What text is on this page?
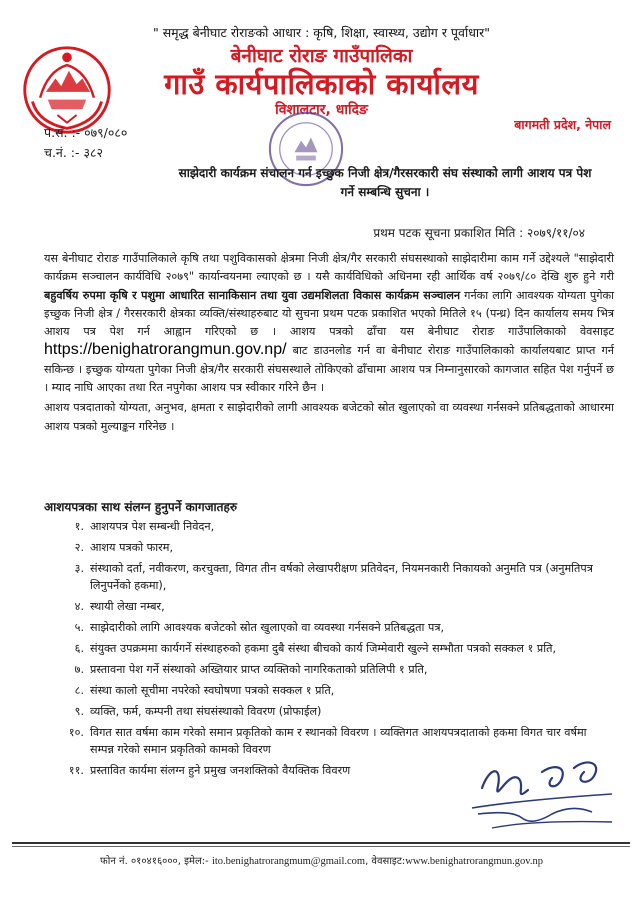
" समृद्ध बेनीघाट रोराङको आधार : कृषि, शिक्षा, स्वास्थ्य, उद्योग र पूर्वाधार"
बेनीघाट रोराङ गाउँपालिका
गाउँ कार्यपालिकाको कार्यालय
विशालटार, धादिङ
बागमती प्रदेश, नेपाल
प.सं. :- ०७९/०८०
च.नं. :- ३८२
साझेदारी कार्यक्रम संचालन गर्न इच्छुक निजी क्षेत्र/गैरसरकारी संघ संस्थाको लागी आशय पत्र पेश
गर्ने सम्बन्धि सुचना ।
प्रथम पटक सूचना प्रकाशित मिति : २०७९/११/०४

यस बेनीघाट रोराङ गाउँपालिकाले कृषि तथा पशुविकासको क्षेत्रमा निजी क्षेत्र/गैर सरकारी संघसस्थाको साझेदारीमा काम गर्ने उद्देश्यले "साझेदारी कार्यक्रम सञ्चालन कार्यविधि २०७९" कार्यान्वयनमा ल्याएको छ । यसै कार्यविधिको अधिनमा रही आर्थिक वर्ष २०७९/८० देखि शुरु हुने गरी बहुवर्षिय रुपमा कृषि र पशुमा आधारित सानाकिसान तथा युवा उद्यमशिलता विकास कार्यक्रम सञ्चालन गर्नका लागि आवश्यक योग्यता पुगेका इच्छुक निजी क्षेत्र / गैरसरकारी क्षेत्रका व्यक्ति/संस्थाहरुबाट यो सुचना प्रथम पटक प्रकाशित भएको मितिले १५ (पन्ध्र) दिन कार्यालय समय भित्र आशय पत्र पेश गर्न आह्वान गरिएको छ । आशय पत्रको ढाँचा यस बेनीघाट रोराङ गाउँपालिकाको वेवसाइट https://benighatrorangmun.gov.np/ बाट डाउनलोड गर्न वा बेनीघाट रोराङ गाउँपालिकाको कार्यालयबाट प्राप्त गर्न सकिन्छ । इच्छुक योग्यता पुगेका निजी क्षेत्र/गैर सरकारी संघसस्थाले तोकिएको ढाँचामा आशय पत्र निम्नानुसारको कागजात सहित पेश गर्नुपर्ने छ । म्याद नाघि आएका तथा रित नपुगेका आशय पत्र स्वीकार गरिने छैन ।

आशय पत्रदाताको योग्यता, अनुभव, क्षमता र साझेदारीको लागी आवश्यक बजेटको स्रोत खुलाएको वा व्यवस्था गर्नसक्ने प्रतिबद्धताको आधारमा आशय पत्रको मुल्याङ्कन गरिनेछ ।

आशयपत्रका साथ संलग्न हुनुपर्ने कागजातहरु
१. आशयपत्र पेश सम्बन्धी निवेदन,
२. आशय पत्रको फारम,
३. संस्थाको दर्ता, नवीकरण, करचुक्ता, विगत तीन वर्षको लेखापरीक्षण प्रतिवेदन, नियमनकारी निकायको अनुमति पत्र (अनुमतिपत्र लिनुपर्नेको हकमा),
४. स्थायी लेखा नम्बर,
५. साझेदारीको लागि आवश्यक बजेटको स्रोत खुलाएको वा व्यवस्था गर्नसक्ने प्रतिबद्धता पत्र,
६. संयुक्त उपक्रममा कार्यगर्ने संस्थाहरुको हकमा दुबै संस्था बीचको कार्य जिम्मेवारी खुल्ने सम्भौता पत्रको सक्कल १ प्रति,
७. प्रस्तावना पेश गर्ने संस्थाको अख्तियार प्राप्त व्यक्तिको नागरिकताको प्रतिलिपी १ प्रति,
८. संस्था कालो सूचीमा नपरेको स्वघोषणा पत्रको सक्कल १ प्रति,
९. व्यक्ति, फर्म, कम्पनी तथा संघसंस्थाको विवरण (प्रोफाईल)
१०. विगत सात वर्षमा काम गरेको समान प्रकृतिको काम र स्थानको विवरण । व्यक्तिगत आशयपत्रदाताको हकमा विगत चार वर्षमा सम्पन्न गरेको समान प्रकृतिको कामको विवरण
११. प्रस्तावित कार्यमा संलग्न हुने प्रमुख जनशक्तिको वैयक्तिक विवरण
फोन नं. ०१०४१६०००, इमेल:- ito.benighatrorangmum@gmail.com, वेवसाइट:www.benighatrorangmun.gov.np
